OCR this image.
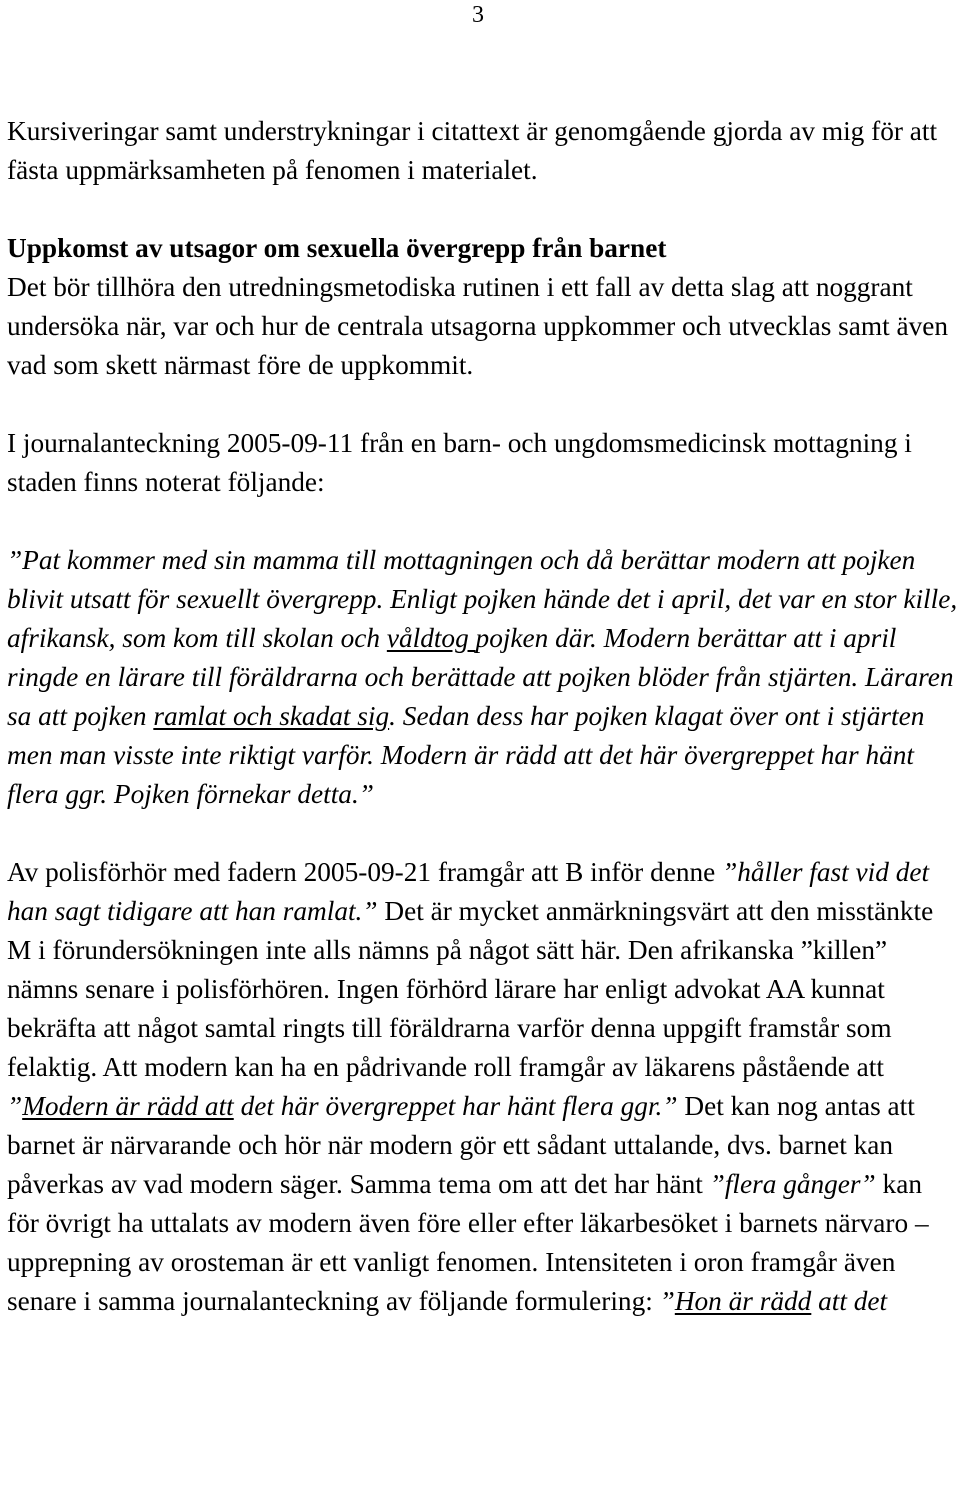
3

Kursiveringar samt understrykningar i citattext är genomgående gjorda av mig för att fästa uppmärksamheten på fenomen i materialet.

Uppkomst av utsagor om sexuella övergrepp från barnet
Det bör tillhöra den utredningsmetodiska rutinen i ett fall av detta slag att noggrant undersöka när, var och hur de centrala utsagorna uppkommer och utvecklas samt även vad som skett närmast före de uppkommit.

I journalanteckning 2005-09-11 från en barn- och ungdomsmedicinsk mottagning i staden finns noterat följande:

”Pat kommer med sin mamma till mottagningen och då berättar modern att pojken blivit utsatt för sexuellt övergrepp. Enligt pojken hände det i april, det var en stor kille, afrikansk, som kom till skolan och våldtog pojken där. Modern berättar att i april ringde en lärare till föräldrarna och berättade att pojken blöder från stjärten. Läraren sa att pojken ramlat och skadat sig. Sedan dess har pojken klagat över ont i stjärten men man visste inte riktigt varför. Modern är rädd att det här övergreppet har hänt flera ggr. Pojken förnekar detta.”

Av polisförhör med fadern 2005-09-21 framgår att B inför denne ”håller fast vid det han sagt tidigare att han ramlat.” Det är mycket anmärkningsvärt att den misstänkte M i förundersökningen inte alls nämns på något sätt här. Den afrikanska ”killen” nämns senare i polisförhören. Ingen förhörd lärare har enligt advokat AA kunnat bekräfta att något samtal ringts till föräldrarna varför denna uppgift framstår som felaktig. Att modern kan ha en pådrivande roll framgår av läkarens påstående att ”Modern är rädd att det här övergreppet har hänt flera ggr.” Det kan nog antas att barnet är närvarande och hör när modern gör ett sådant uttalande, dvs. barnet kan påverkas av vad modern säger. Samma tema om att det har hänt ”flera gånger” kan för övrigt ha uttalats av modern även före eller efter läkarbesöket i barnets närvaro – upprepning av orosteman är ett vanligt fenomen. Intensiteten i oron framgår även senare i samma journalanteckning av följande formulering: ”Hon är rädd att det
